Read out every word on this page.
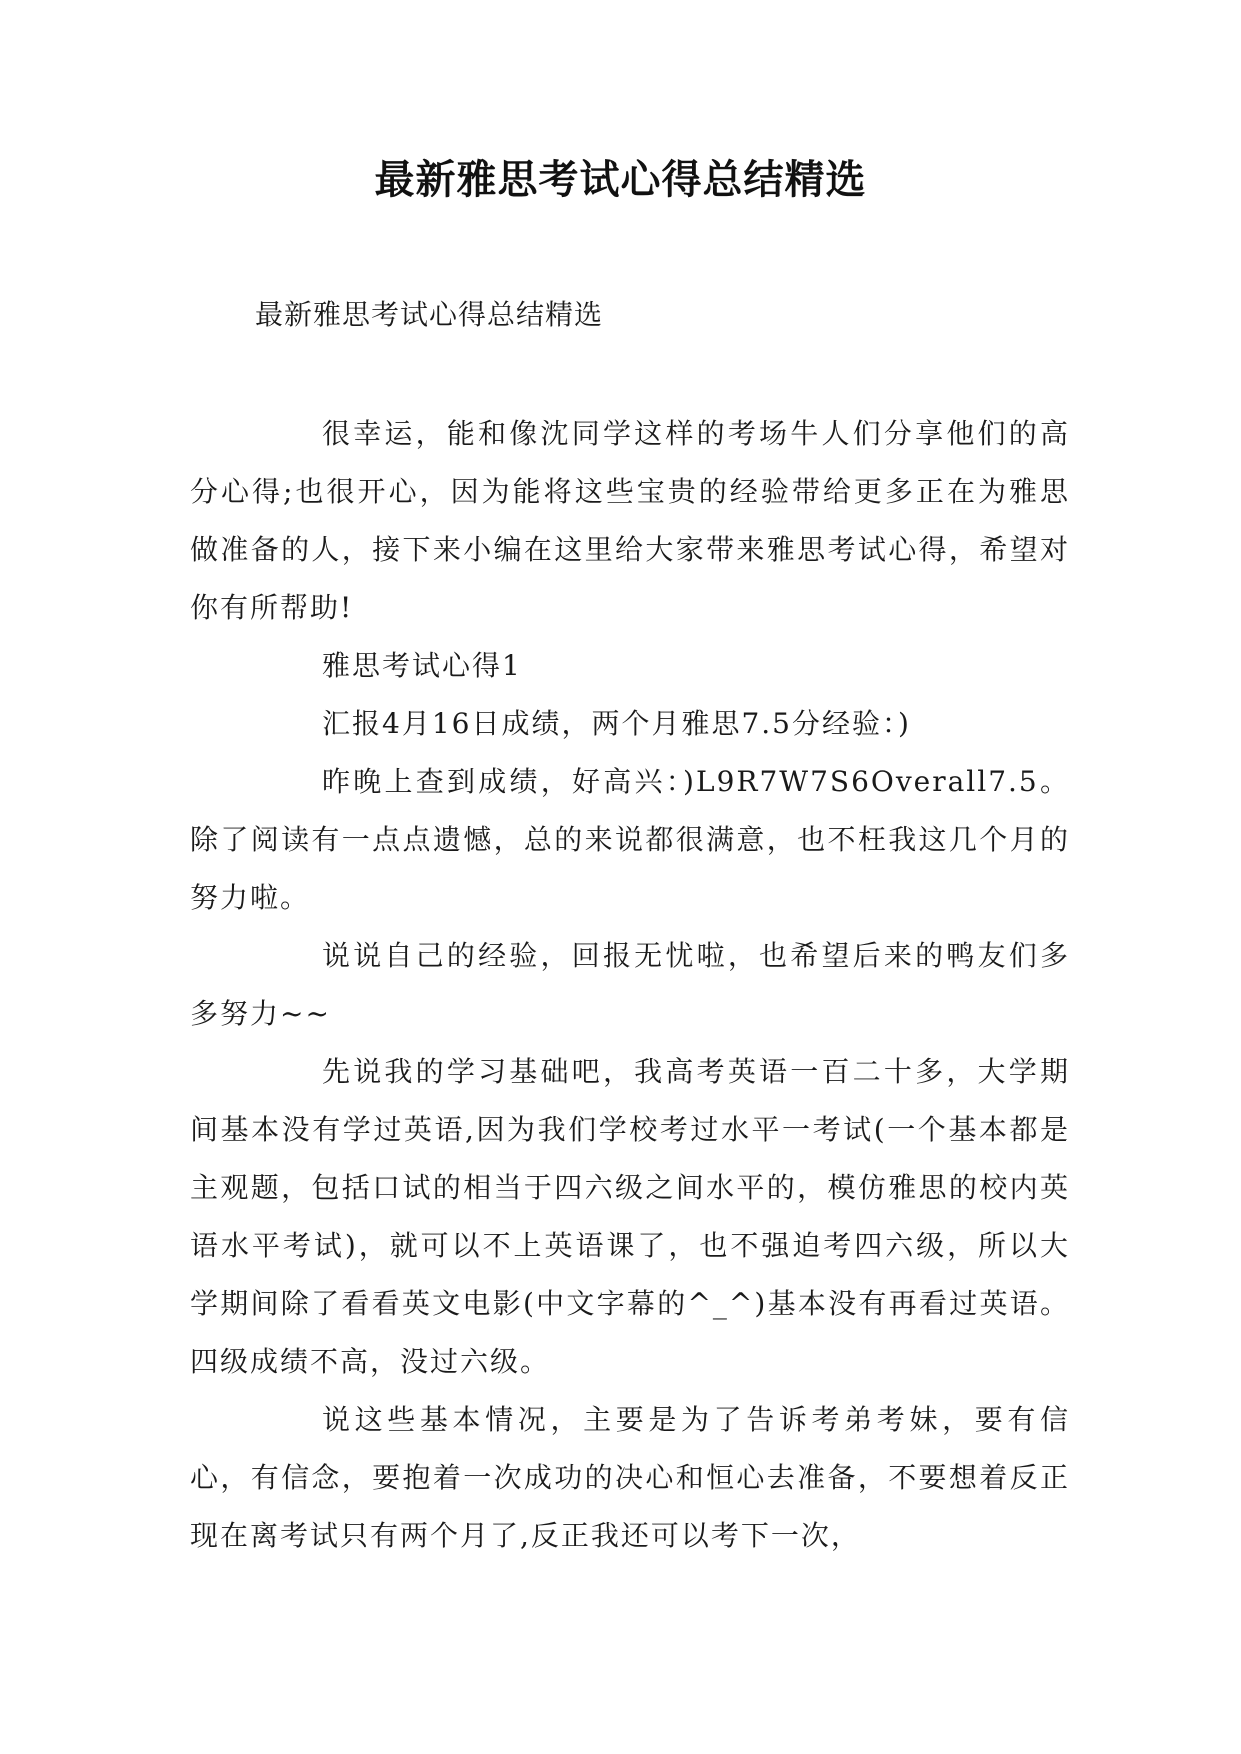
最新雅思考试心得总结精选
最新雅思考试心得总结精选

很幸运，能和像沈同学这样的考场牛人们分享他们的高分心得;也很开心，因为能将这些宝贵的经验带给更多正在为雅思做准备的人，接下来小编在这里给大家带来雅思考试心得，希望对你有所帮助!

雅思考试心得1

汇报4月16日成绩，两个月雅思7.5分经验：)

昨晚上查到成绩，好高兴：)L9R7W7S6Overall7.5。除了阅读有一点点遗憾，总的来说都很满意，也不枉我这几个月的努力啦。

说说自己的经验，回报无忧啦，也希望后来的鸭友们多多努力~~

先说我的学习基础吧，我高考英语一百二十多，大学期间基本没有学过英语,因为我们学校考过水平一考试(一个基本都是主观题，包括口试的相当于四六级之间水平的，模仿雅思的校内英语水平考试)，就可以不上英语课了，也不强迫考四六级，所以大学期间除了看看英文电影(中文字幕的^_^)基本没有再看过英语。四级成绩不高，没过六级。

说这些基本情况，主要是为了告诉考弟考妹，要有信心，有信念，要抱着一次成功的决心和恒心去准备，不要想着反正现在离考试只有两个月了,反正我还可以考下一次，
